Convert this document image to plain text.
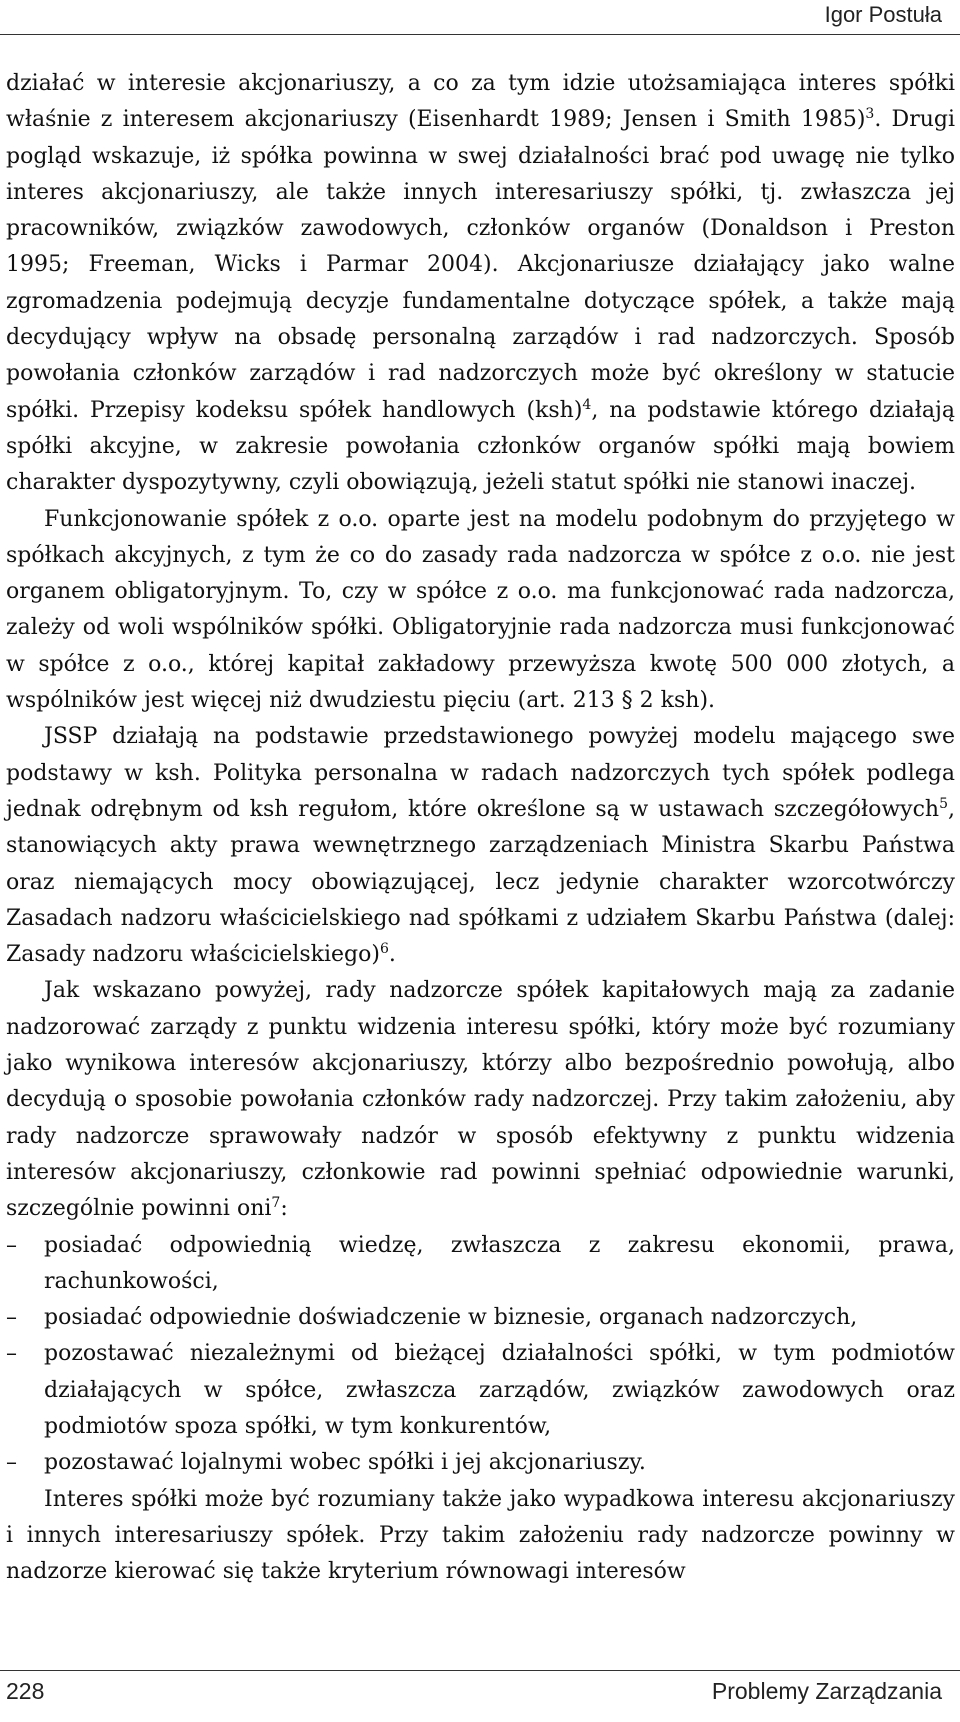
Igor Postuła

działać w interesie akcjonariuszy, a co za tym idzie utożsamiająca interes spółki właśnie z interesem akcjonariuszy (Eisenhardt 1989; Jensen i Smith 1985)$^3$. Drugi pogląd wskazuje, iż spółka powinna w swej działalności brać pod uwagę nie tylko interes akcjonariuszy, ale także innych interesariuszy spółki, tj. zwłaszcza jej pracowników, związków zawodowych, członków organów (Donaldson i Preston 1995; Freeman, Wicks i Parmar 2004). Akcjonariusze działający jako walne zgromadzenia podejmują decyzje fundamentalne dotyczące spółek, a także mają decydujący wpływ na obsadę personalną zarządów i rad nadzorczych. Sposób powołania członków zarządów i rad nadzorczych może być określony w statucie spółki. Przepisy kodeksu spółek handlowych (ksh)$^4$, na podstawie którego działają spółki akcyjne, w zakresie powołania członków organów spółki mają bowiem charakter dyspozytywny, czyli obowiązują, jeżeli statut spółki nie stanowi inaczej.

Funkcjonowanie spółek z o.o. oparte jest na modelu podobnym do przyjętego w spółkach akcyjnych, z tym że co do zasady rada nadzorcza w spółce z o.o. nie jest organem obligatoryjnym. To, czy w spółce z o.o. ma funkcjonować rada nadzorcza, zależy od woli wspólników spółki. Obligatoryjnie rada nadzorcza musi funkcjonować w spółce z o.o., której kapitał zakładowy przewyższa kwotę 500 000 złotych, a wspólników jest więcej niż dwudziestu pięciu (art. 213 § 2 ksh).

JSSP działają na podstawie przedstawionego powyżej modelu mającego swe podstawy w ksh. Polityka personalna w radach nadzorczych tych spółek podlega jednak odrębnym od ksh regułom, które określone są w ustawach szczegółowych$^5$, stanowiących akty prawa wewnętrznego zarządzeniach Ministra Skarbu Państwa oraz niemających mocy obowiązującej, lecz jedynie charakter wzorcotwórczy Zasadach nadzoru właścicielskiego nad spółkami z udziałem Skarbu Państwa (dalej: Zasady nadzoru właścicielskiego)$^6$.

Jak wskazano powyżej, rady nadzorcze spółek kapitałowych mają za zadanie nadzorować zarządy z punktu widzenia interesu spółki, który może być rozumiany jako wynikowa interesów akcjonariuszy, którzy albo bezpośrednio powołują, albo decydują o sposobie powołania członków rady nadzorczej. Przy takim założeniu, aby rady nadzorcze sprawowały nadzór w sposób efektywny z punktu widzenia interesów akcjonariuszy, członkowie rad powinni spełniać odpowiednie warunki, szczególnie powinni oni$^7$:

– posiadać odpowiednią wiedzę, zwłaszcza z zakresu ekonomii, prawa, rachunkowości,
– posiadać odpowiednie doświadczenie w biznesie, organach nadzorczych,
– pozostawać niezależnymi od bieżącej działalności spółki, w tym podmiotów działających w spółce, zwłaszcza zarządów, związków zawodowych oraz podmiotów spoza spółki, w tym konkurentów,
– pozostawać lojalnymi wobec spółki i jej akcjonariuszy.

Interes spółki może być rozumiany także jako wypadkowa interesu akcjonariuszy i innych interesariuszy spółek. Przy takim założeniu rady nadzorcze powinny w nadzorze kierować się także kryterium równowagi interesów

228	Problemy Zarządzania
